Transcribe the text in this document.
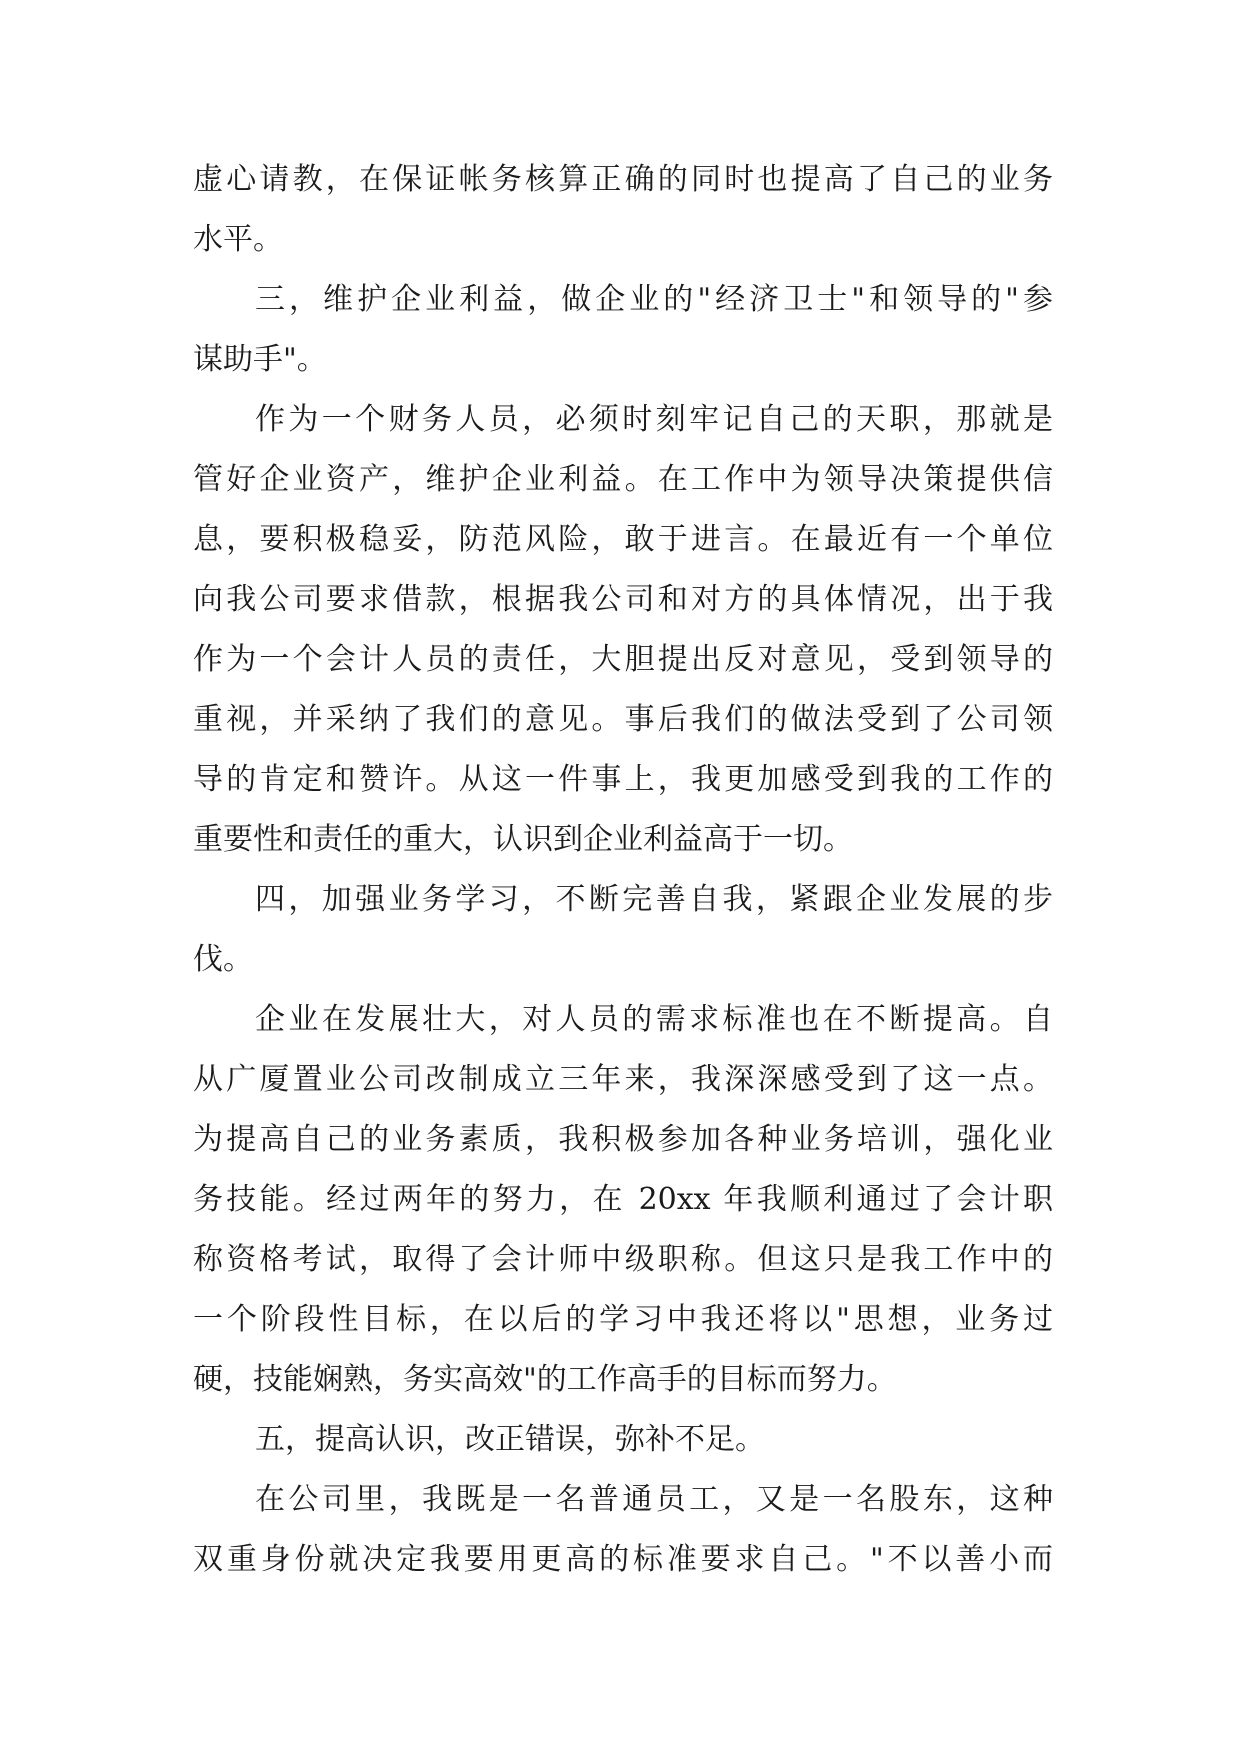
虚心请教，在保证帐务核算正确的同时也提高了自己的业务
水平。
三，维护企业利益，做企业的"经济卫士"和领导的"参
谋助手"。
作为一个财务人员，必须时刻牢记自己的天职，那就是
管好企业资产，维护企业利益。在工作中为领导决策提供信
息，要积极稳妥，防范风险，敢于进言。在最近有一个单位
向我公司要求借款，根据我公司和对方的具体情况，出于我
作为一个会计人员的责任，大胆提出反对意见，受到领导的
重视，并采纳了我们的意见。事后我们的做法受到了公司领
导的肯定和赞许。从这一件事上，我更加感受到我的工作的
重要性和责任的重大，认识到企业利益高于一切。
四，加强业务学习，不断完善自我，紧跟企业发展的步
伐。
企业在发展壮大，对人员的需求标准也在不断提高。自
从广厦置业公司改制成立三年来，我深深感受到了这一点。
为提高自己的业务素质，我积极参加各种业务培训，强化业
务技能。经过两年的努力，在 20xx 年我顺利通过了会计职
称资格考试，取得了会计师中级职称。但这只是我工作中的
一个阶段性目标，在以后的学习中我还将以"思想，业务过
硬，技能娴熟，务实高效"的工作高手的目标而努力。
五，提高认识，改正错误，弥补不足。
在公司里，我既是一名普通员工，又是一名股东，这种
双重身份就决定我要用更高的标准要求自己。"不以善小而
